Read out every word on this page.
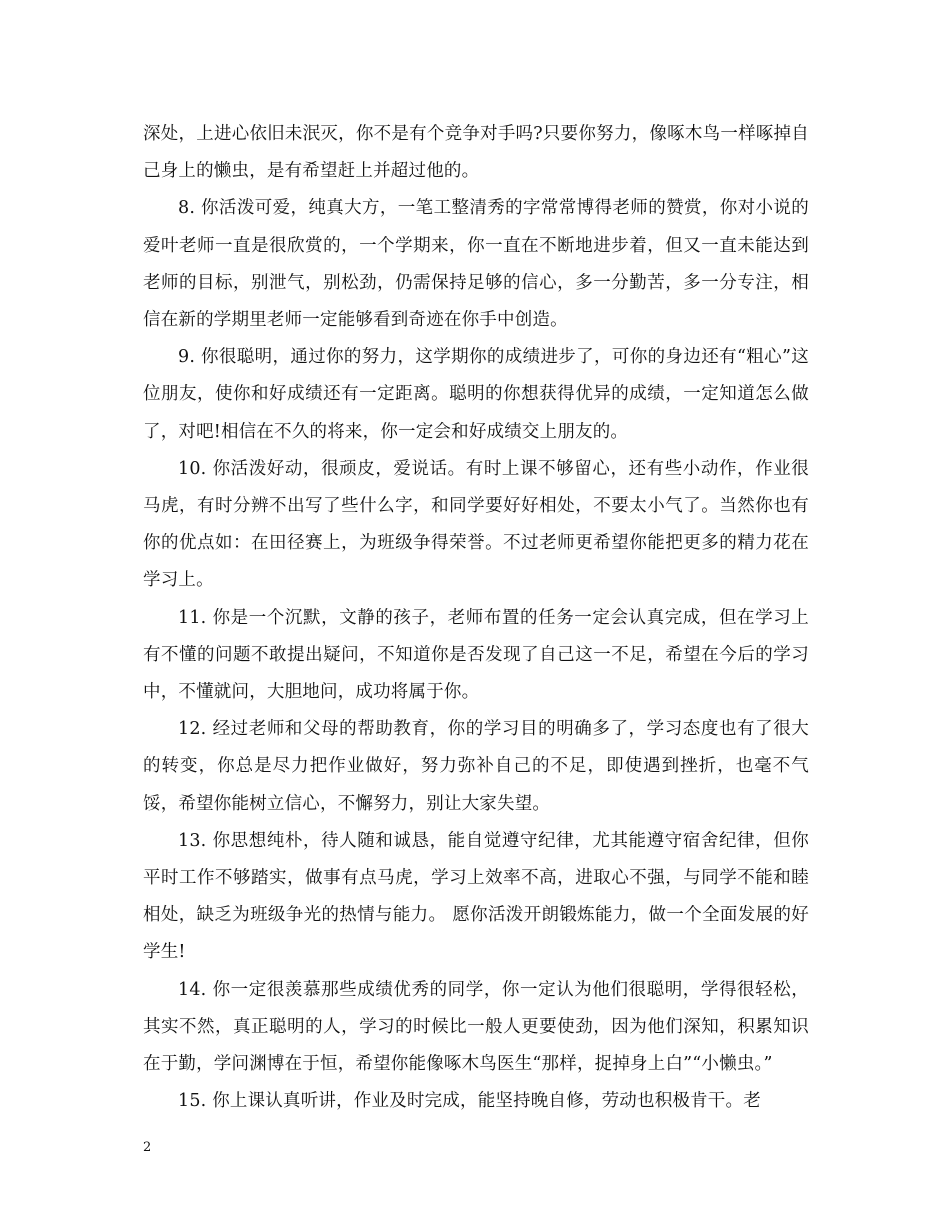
深处，上进心依旧未泯灭，你不是有个竞争对手吗?只要你努力，像啄木鸟一样啄掉自己身上的懒虫，是有希望赶上并超过他的。

8. 你活泼可爱，纯真大方，一笔工整清秀的字常常博得老师的赞赏，你对小说的爱叶老师一直是很欣赏的，一个学期来，你一直在不断地进步着，但又一直未能达到老师的目标，别泄气，别松劲，仍需保持足够的信心，多一分勤苦，多一分专注，相信在新的学期里老师一定能够看到奇迹在你手中创造。

9. 你很聪明，通过你的努力，这学期你的成绩进步了，可你的身边还有“粗心”这位朋友，使你和好成绩还有一定距离。聪明的你想获得优异的成绩，一定知道怎么做了，对吧!相信在不久的将来，你一定会和好成绩交上朋友的。

10. 你活泼好动，很顽皮，爱说话。有时上课不够留心，还有些小动作，作业很马虎，有时分辨不出写了些什么字，和同学要好好相处，不要太小气了。当然你也有你的优点如：在田径赛上，为班级争得荣誉。不过老师更希望你能把更多的精力花在学习上。

11. 你是一个沉默，文静的孩子，老师布置的任务一定会认真完成，但在学习上有不懂的问题不敢提出疑问，不知道你是否发现了自己这一不足，希望在今后的学习中，不懂就问，大胆地问，成功将属于你。

12. 经过老师和父母的帮助教育，你的学习目的明确多了，学习态度也有了很大的转变，你总是尽力把作业做好，努力弥补自己的不足，即使遇到挫折，也毫不气馁，希望你能树立信心，不懈努力，别让大家失望。

13. 你思想纯朴，待人随和诚恳，能自觉遵守纪律，尤其能遵守宿舍纪律，但你平时工作不够踏实，做事有点马虎，学习上效率不高，进取心不强，与同学不能和睦相处，缺乏为班级争光的热情与能力。 愿你活泼开朗锻炼能力，做一个全面发展的好学生!

14. 你一定很羡慕那些成绩优秀的同学，你一定认为他们很聪明，学得很轻松，其实不然，真正聪明的人，学习的时候比一般人更要使劲，因为他们深知，积累知识在于勤，学问渊博在于恒，希望你能像啄木鸟医生“那样，捉掉身上白”“小懒虫。”

15. 你上课认真听讲，作业及时完成，能坚持晚自修，劳动也积极肯干。老

2
